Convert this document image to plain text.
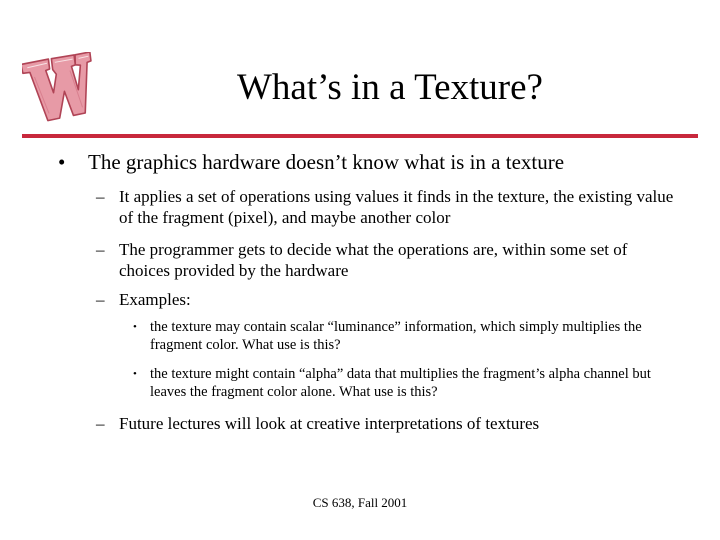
What’s in a Texture?
• The graphics hardware doesn’t know what is in a texture
– It applies a set of operations using values it finds in the texture, the existing value of the fragment (pixel), and maybe another color
– The programmer gets to decide what the operations are, within some set of choices provided by the hardware
– Examples:
• the texture may contain scalar “luminance” information, which simply multiplies the fragment color. What use is this?
• the texture might contain “alpha” data that multiplies the fragment’s alpha channel but leaves the fragment color alone. What use is this?
– Future lectures will look at creative interpretations of textures
CS 638, Fall 2001
